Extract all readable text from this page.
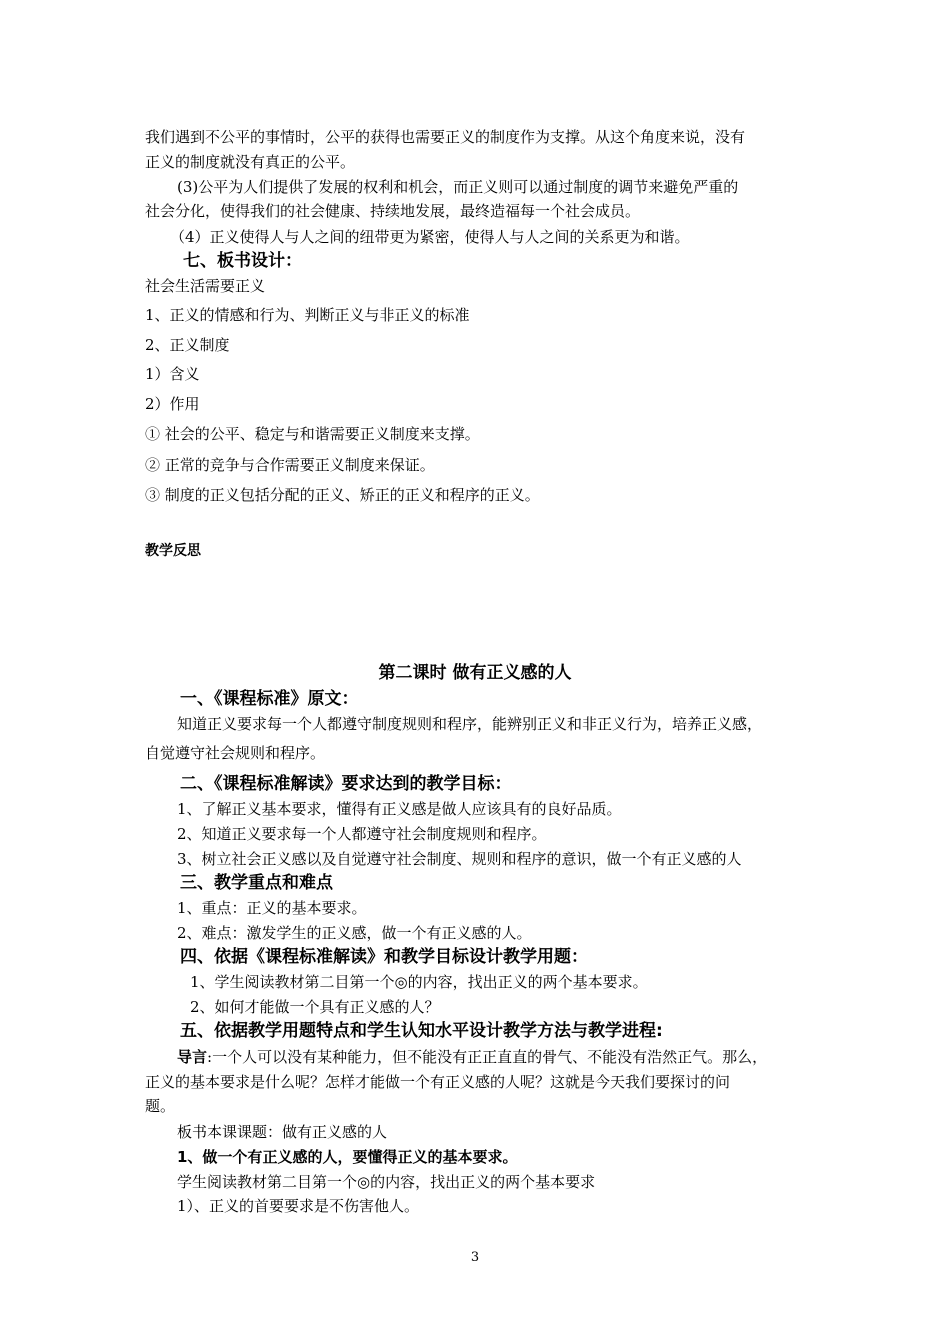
我们遇到不公平的事情时，公平的获得也需要正义的制度作为支撑。从这个角度来说，没有
正义的制度就没有真正的公平。
(3)公平为人们提供了发展的权利和机会，而正义则可以通过制度的调节来避免严重的
社会分化，使得我们的社会健康、持续地发展，最终造福每一个社会成员。
（4）正义使得人与人之间的纽带更为紧密，使得人与人之间的关系更为和谐。
七、板书设计：
社会生活需要正义
1、正义的情感和行为、判断正义与非正义的标准
2、正义制度
1）含义
2）作用
① 社会的公平、稳定与和谐需要正义制度来支撑。
② 正常的竞争与合作需要正义制度来保证。
③ 制度的正义包括分配的正义、矫正的正义和程序的正义。
教学反思
第二课时 做有正义感的人
一、《课程标准》原文：
知道正义要求每一个人都遵守制度规则和程序，能辨别正义和非正义行为，培养正义感，
自觉遵守社会规则和程序。
二、《课程标准解读》要求达到的教学目标：
1、了解正义基本要求，懂得有正义感是做人应该具有的良好品质。
2、知道正义要求每一个人都遵守社会制度规则和程序。
3、树立社会正义感以及自觉遵守社会制度、规则和程序的意识，做一个有正义感的人
三、教学重点和难点
1、重点：正义的基本要求。
2、难点：激发学生的正义感，做一个有正义感的人。
四、依据《课程标准解读》和教学目标设计教学用题：
1、学生阅读教材第二目第一个◎的内容，找出正义的两个基本要求。
2、如何才能做一个具有正义感的人？
五、依据教学用题特点和学生认知水平设计教学方法与教学进程:
导言:一个人可以没有某种能力，但不能没有正正直直的骨气、不能没有浩然正气。那么，
正义的基本要求是什么呢？怎样才能做一个有正义感的人呢？这就是今天我们要探讨的问
题。
板书本课课题：做有正义感的人
1、做一个有正义感的人，要懂得正义的基本要求。
学生阅读教材第二目第一个◎的内容，找出正义的两个基本要求
1）、正义的首要要求是不伤害他人。
3
